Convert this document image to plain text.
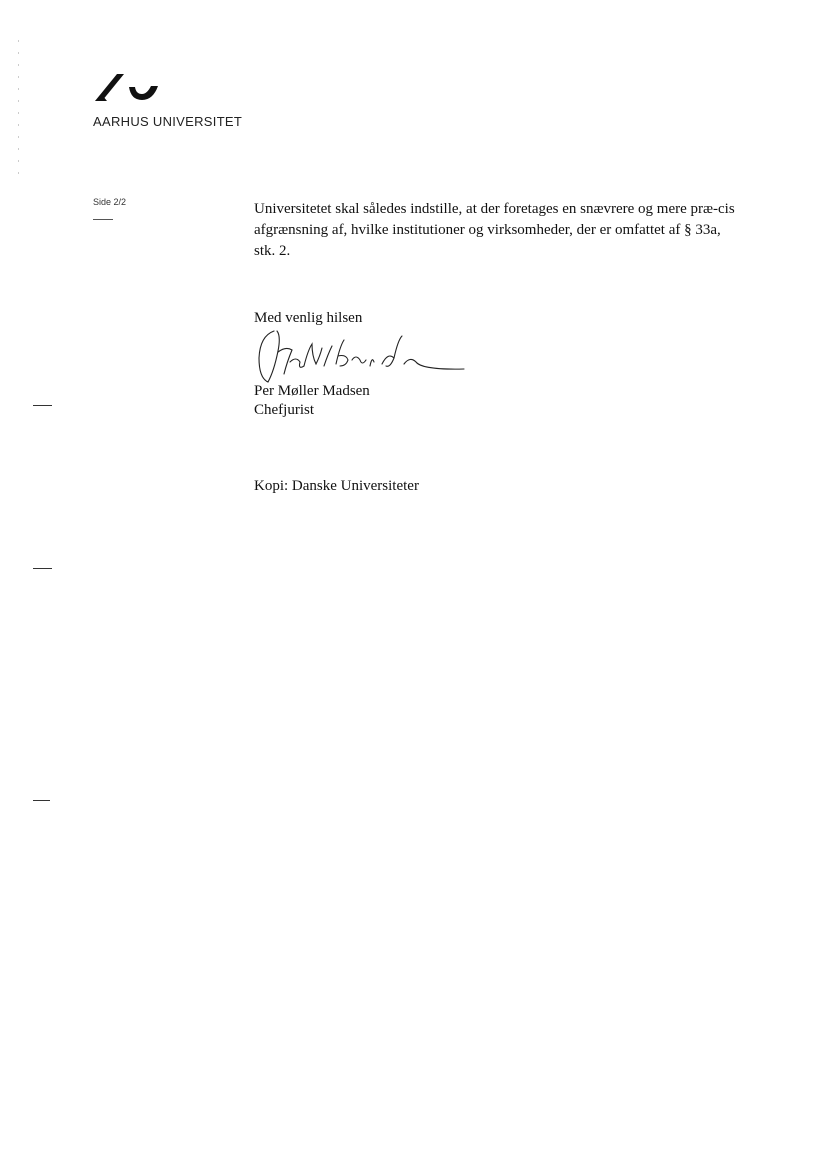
AARHUS UNIVERSITET
Side 2/2	Universitetet skal således indstille, at der foretages en snævrere og mere præ-cis afgrænsning af, hvilke institutioner og virksomheder, der er omfattet af § 33a, stk. 2.

Med venlig hilsen
Per Møller Madsen
Chefjurist
Kopi: Danske Universiteter
